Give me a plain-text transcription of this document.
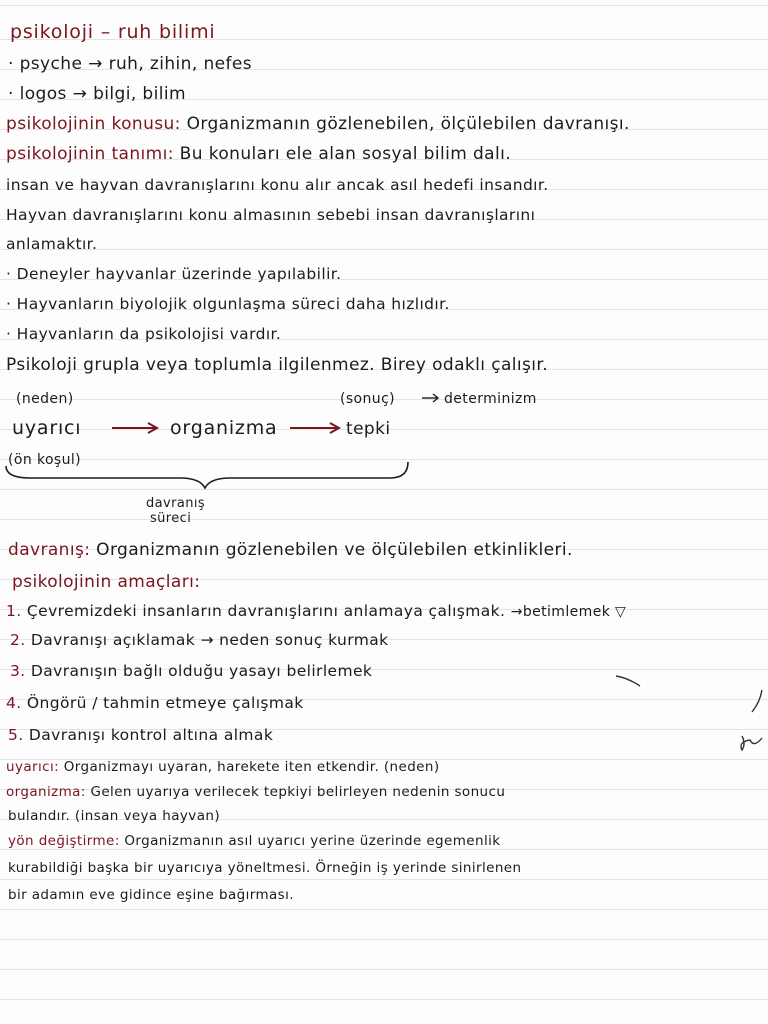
psikoloji – ruh bilimi
· psyche → ruh, zihin, nefes
· logos → bilgi, bilim
psikolojinin konusu: Organizmanın gözlenebilen, ölçülebilen davranışı.
psikolojinin tanımı: Bu konuları ele alan sosyal bilim dalı.
insan ve hayvan davranışlarını konu alır ancak asıl hedefi insandır.
Hayvan davranışlarını konu almasının sebebi insan davranışlarını
anlamaktır.
· Deneyler hayvanlar üzerinde yapılabilir.
· Hayvanların biyolojik olgunlaşma süreci daha hızlıdır.
· Hayvanların da psikolojisi vardır.
Psikoloji grupla veya toplumla ilgilenmez. Birey odaklı çalışır.
(neden)	(sonuç)	determinizm
uyarıcı	organizma	tepki
(ön koşul)
davranış
süreci
davranış: Organizmanın gözlenebilen ve ölçülebilen etkinlikleri.
psikolojinin amaçları:
1. Çevremizdeki insanların davranışlarını anlamaya çalışmak. →betimlemek ▽
2. Davranışı açıklamak → neden sonuç kurmak
3. Davranışın bağlı olduğu yasayı belirlemek
4. Öngörü / tahmin etmeye çalışmak
5. Davranışı kontrol altına almak
uyarıcı: Organizmayı uyaran, harekete iten etkendir. (neden)
organizma: Gelen uyarıya verilecek tepkiyi belirleyen nedenin sonucu
bulandır. (insan veya hayvan)
yön değiştirme: Organizmanın asıl uyarıcı yerine üzerinde egemenlik
kurabildiği başka bir uyarıcıya yöneltmesi. Örneğin iş yerinde sinirlenen
bir adamın eve gidince eşine bağırması.
